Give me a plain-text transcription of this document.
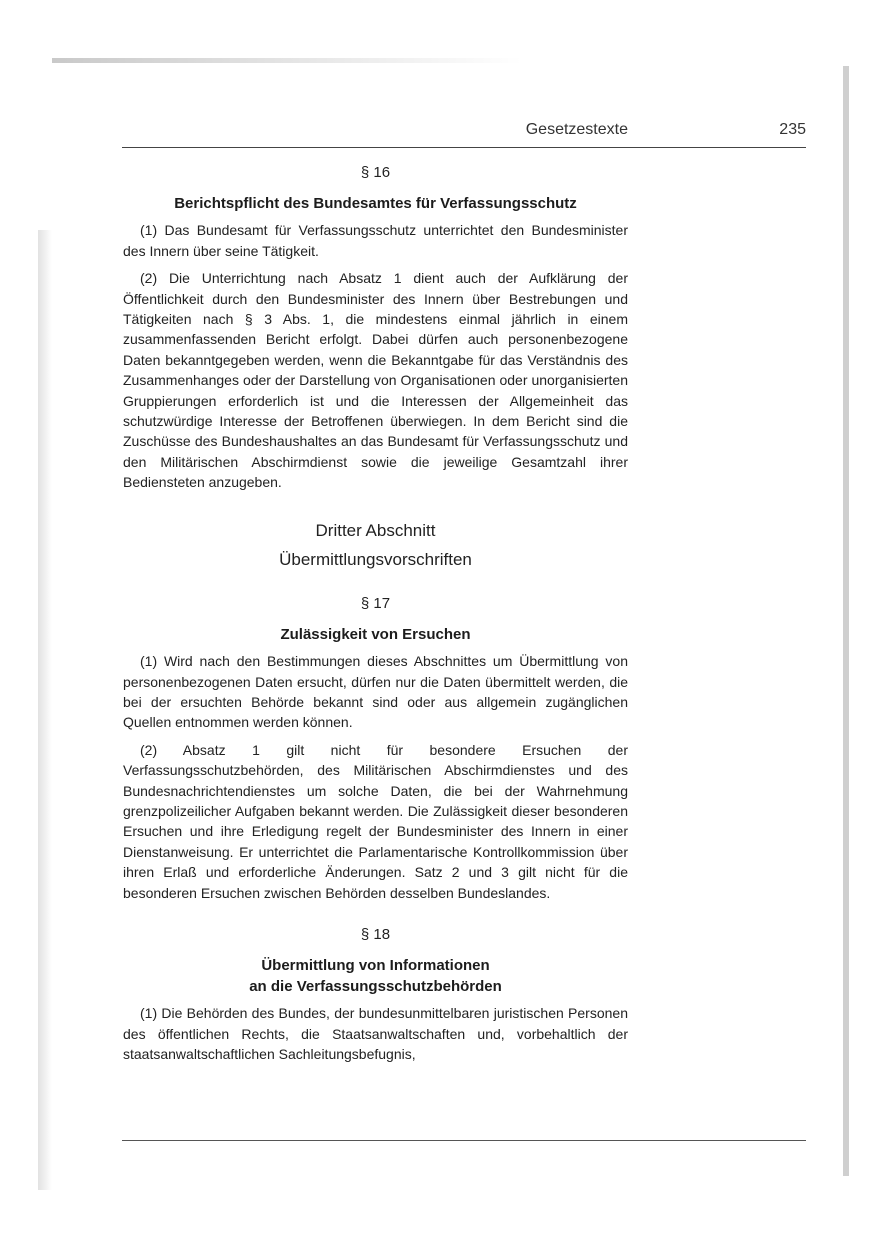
Gesetzestexte	235
§ 16
Berichtspflicht des Bundesamtes für Verfassungsschutz

(1) Das Bundesamt für Verfassungsschutz unterrichtet den Bundesminister des Innern über seine Tätigkeit.

(2) Die Unterrichtung nach Absatz 1 dient auch der Aufklärung der Öffentlichkeit durch den Bundesminister des Innern über Bestrebungen und Tätigkeiten nach § 3 Abs. 1, die mindestens einmal jährlich in einem zusammenfassenden Bericht erfolgt. Dabei dürfen auch personenbezogene Daten bekanntgegeben werden, wenn die Bekanntgabe für das Verständnis des Zusammenhanges oder der Darstellung von Organisationen oder unorganisierten Gruppierungen erforderlich ist und die Interessen der Allgemeinheit das schutzwürdige Interesse der Betroffenen überwiegen. In dem Bericht sind die Zuschüsse des Bundeshaushaltes an das Bundesamt für Verfassungsschutz und den Militärischen Abschirmdienst sowie die jeweilige Gesamtzahl ihrer Bediensteten anzugeben.

Dritter Abschnitt
Übermittlungsvorschriften
§ 17
Zulässigkeit von Ersuchen

(1) Wird nach den Bestimmungen dieses Abschnittes um Übermittlung von personenbezogenen Daten ersucht, dürfen nur die Daten übermittelt werden, die bei der ersuchten Behörde bekannt sind oder aus allgemein zugänglichen Quellen entnommen werden können.

(2) Absatz 1 gilt nicht für besondere Ersuchen der Verfassungsschutzbehörden, des Militärischen Abschirmdienstes und des Bundesnachrichtendienstes um solche Daten, die bei der Wahrnehmung grenzpolizeilicher Aufgaben bekannt werden. Die Zulässigkeit dieser besonderen Ersuchen und ihre Erledigung regelt der Bundesminister des Innern in einer Dienstanweisung. Er unterrichtet die Parlamentarische Kontrollkommission über ihren Erlaß und erforderliche Änderungen. Satz 2 und 3 gilt nicht für die besonderen Ersuchen zwischen Behörden desselben Bundeslandes.

§ 18
Übermittlung von Informationen
an die Verfassungsschutzbehörden

(1) Die Behörden des Bundes, der bundesunmittelbaren juristischen Personen des öffentlichen Rechts, die Staatsanwaltschaften und, vorbehaltlich der staatsanwaltschaftlichen Sachleitungsbefugnis,
